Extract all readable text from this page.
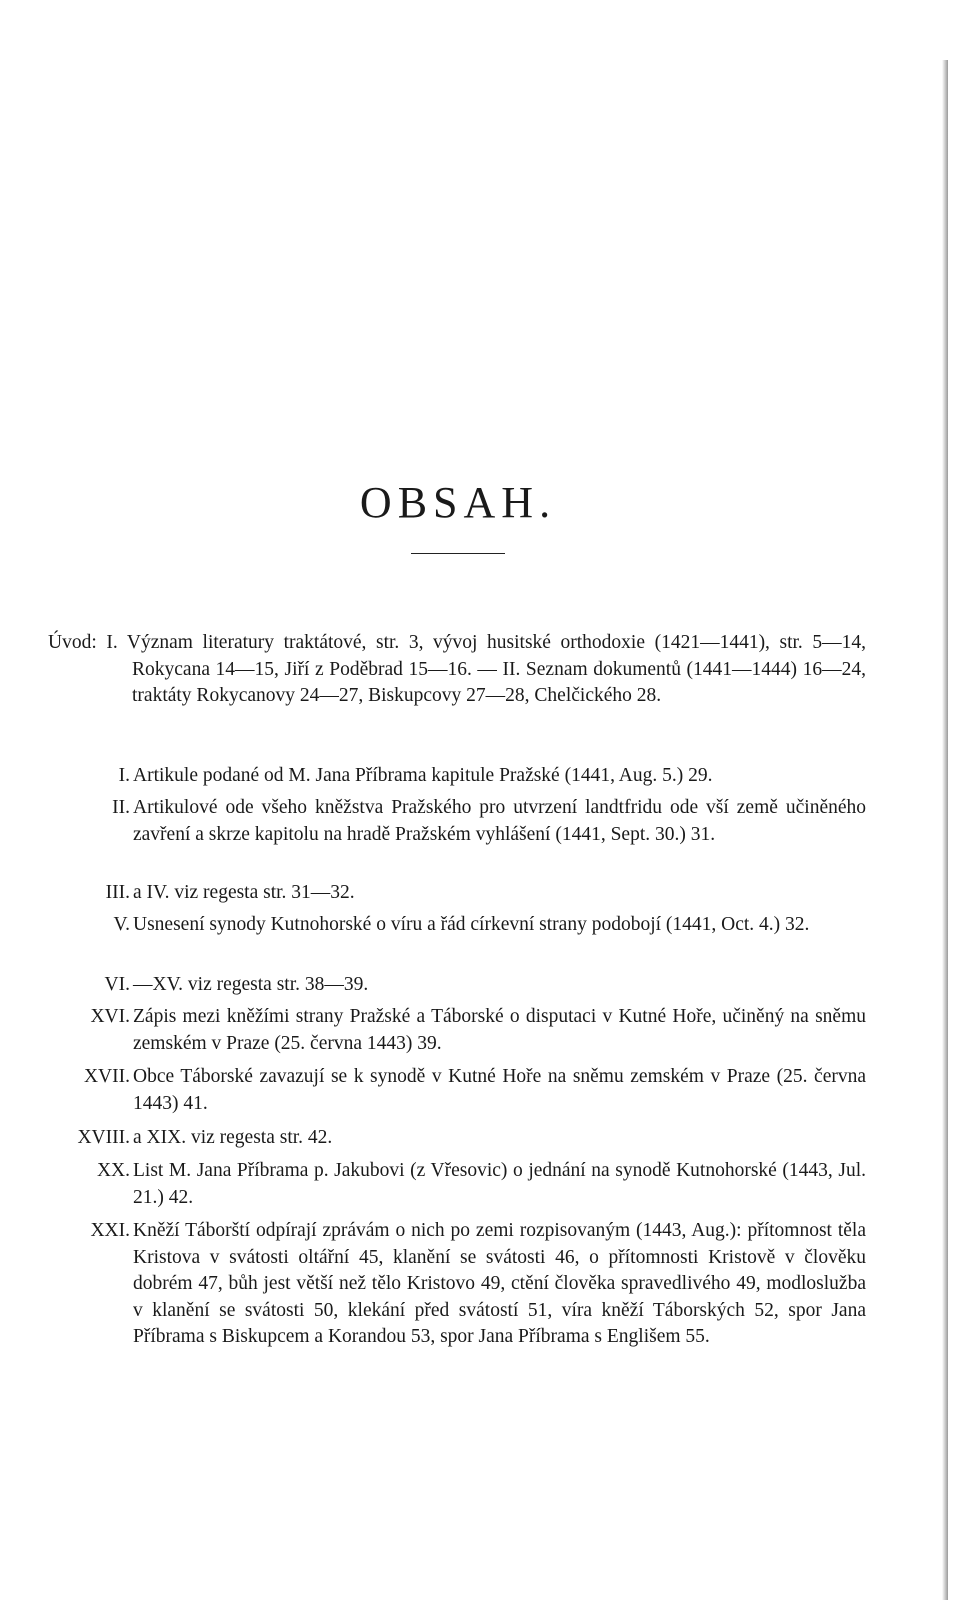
OBSAH.
Úvod: I. Význam literatury traktátové, str. 3, vývoj husitské orthodoxie (1421—1441), str. 5—14, Rokycana 14—15, Jiří z Poděbrad 15—16. — II. Seznam dokumentů (1441—1444) 16—24, traktáty Rokycanovy 24—27, Biskupcovy 27—28, Chelčického 28.
I. Artikule podané od M. Jana Příbrama kapitule Pražské (1441, Aug. 5.) 29.
II. Artikulové ode všeho kněžstva Pražského pro utvrzení landtfridu ode vší země učiněného zavření a skrze kapitolu na hradě Pražském vyhlášení (1441, Sept. 30.) 31.
III. a IV. viz regesta str. 31—32.
V. Usnesení synody Kutnohorské o víru a řád církevní strany podobojí (1441, Oct. 4.) 32.
VI. —XV. viz regesta str. 38—39.
XVI. Zápis mezi kněžími strany Pražské a Táborské o disputaci v Kutné Hoře, učiněný na sněmu zemském v Praze (25. června 1443) 39.
XVII. Obce Táborské zavazují se k synodě v Kutné Hoře na sněmu zemském v Praze (25. června 1443) 41.
XVIII. a XIX. viz regesta str. 42.
XX. List M. Jana Příbrama p. Jakubovi (z Vřesovic) o jednání na synodě Kutnohorské (1443, Jul. 21.) 42.
XXI. Kněží Táborští odpírají zprávám o nich po zemi rozpisovaným (1443, Aug.): přítomnost těla Kristova v svátosti oltářní 45, klanění se svátosti 46, o přítomnosti Kristově v člověku dobrém 47, bůh jest větší než tělo Kristovo 49, ctění člověka spravedlivého 49, modloslužba v klanění se svátosti 50, klekání před svátostí 51, víra kněží Táborských 52, spor Jana Příbrama s Biskupcem a Korandou 53, spor Jana Příbrama s Englišem 55.
